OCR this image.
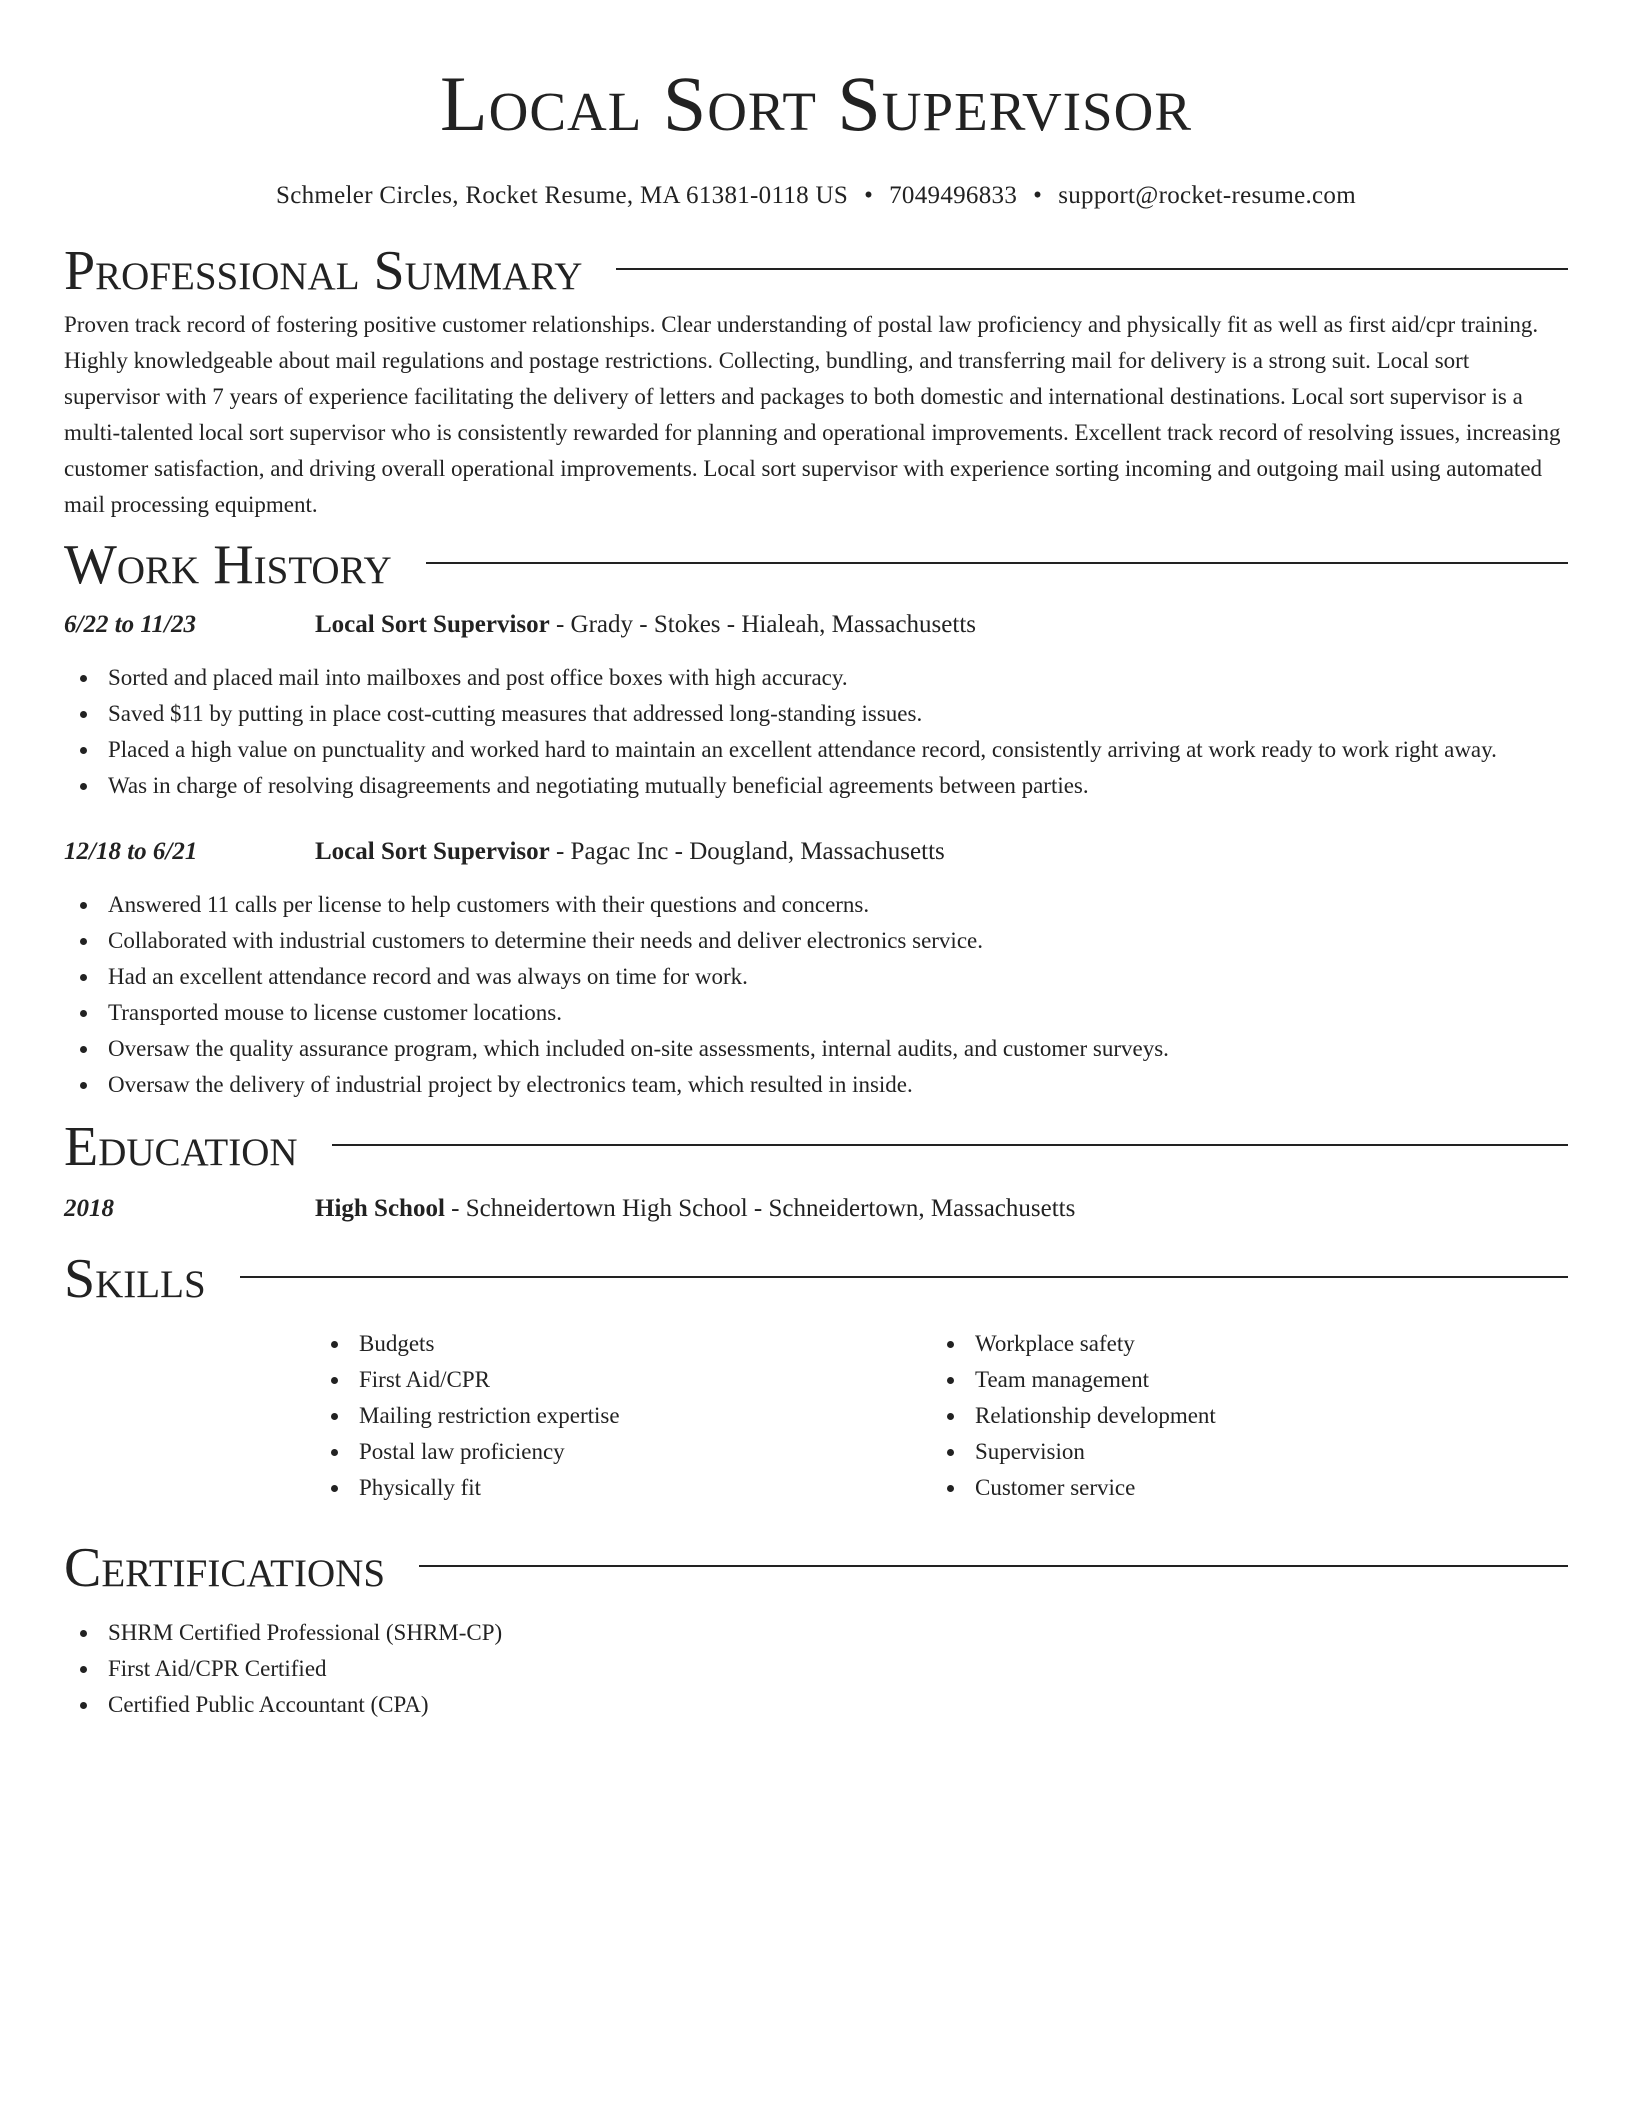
Local Sort Supervisor
Schmeler Circles, Rocket Resume, MA 61381-0118 US • 7049496833 • support@rocket-resume.com
Professional Summary

Proven track record of fostering positive customer relationships. Clear understanding of postal law proficiency and physically fit as well as first aid/cpr training. Highly knowledgeable about mail regulations and postage restrictions. Collecting, bundling, and transferring mail for delivery is a strong suit. Local sort supervisor with 7 years of experience facilitating the delivery of letters and packages to both domestic and international destinations. Local sort supervisor is a multi-talented local sort supervisor who is consistently rewarded for planning and operational improvements. Excellent track record of resolving issues, increasing customer satisfaction, and driving overall operational improvements. Local sort supervisor with experience sorting incoming and outgoing mail using automated mail processing equipment.

Work History
6/22 to 11/23	Local Sort Supervisor - Grady - Stokes - Hialeah, Massachusetts
Sorted and placed mail into mailboxes and post office boxes with high accuracy.
Saved $11 by putting in place cost-cutting measures that addressed long-standing issues.
Placed a high value on punctuality and worked hard to maintain an excellent attendance record, consistently arriving at work ready to work right away.
Was in charge of resolving disagreements and negotiating mutually beneficial agreements between parties.
12/18 to 6/21	Local Sort Supervisor - Pagac Inc - Dougland, Massachusetts
Answered 11 calls per license to help customers with their questions and concerns.
Collaborated with industrial customers to determine their needs and deliver electronics service.
Had an excellent attendance record and was always on time for work.
Transported mouse to license customer locations.
Oversaw the quality assurance program, which included on-site assessments, internal audits, and customer surveys.
Oversaw the delivery of industrial project by electronics team, which resulted in inside.
Education
2018	High School - Schneidertown High School - Schneidertown, Massachusetts
Skills
Budgets
First Aid/CPR
Mailing restriction expertise
Postal law proficiency
Physically fit
Workplace safety
Team management
Relationship development
Supervision
Customer service
Certifications
SHRM Certified Professional (SHRM-CP)
First Aid/CPR Certified
Certified Public Accountant (CPA)
